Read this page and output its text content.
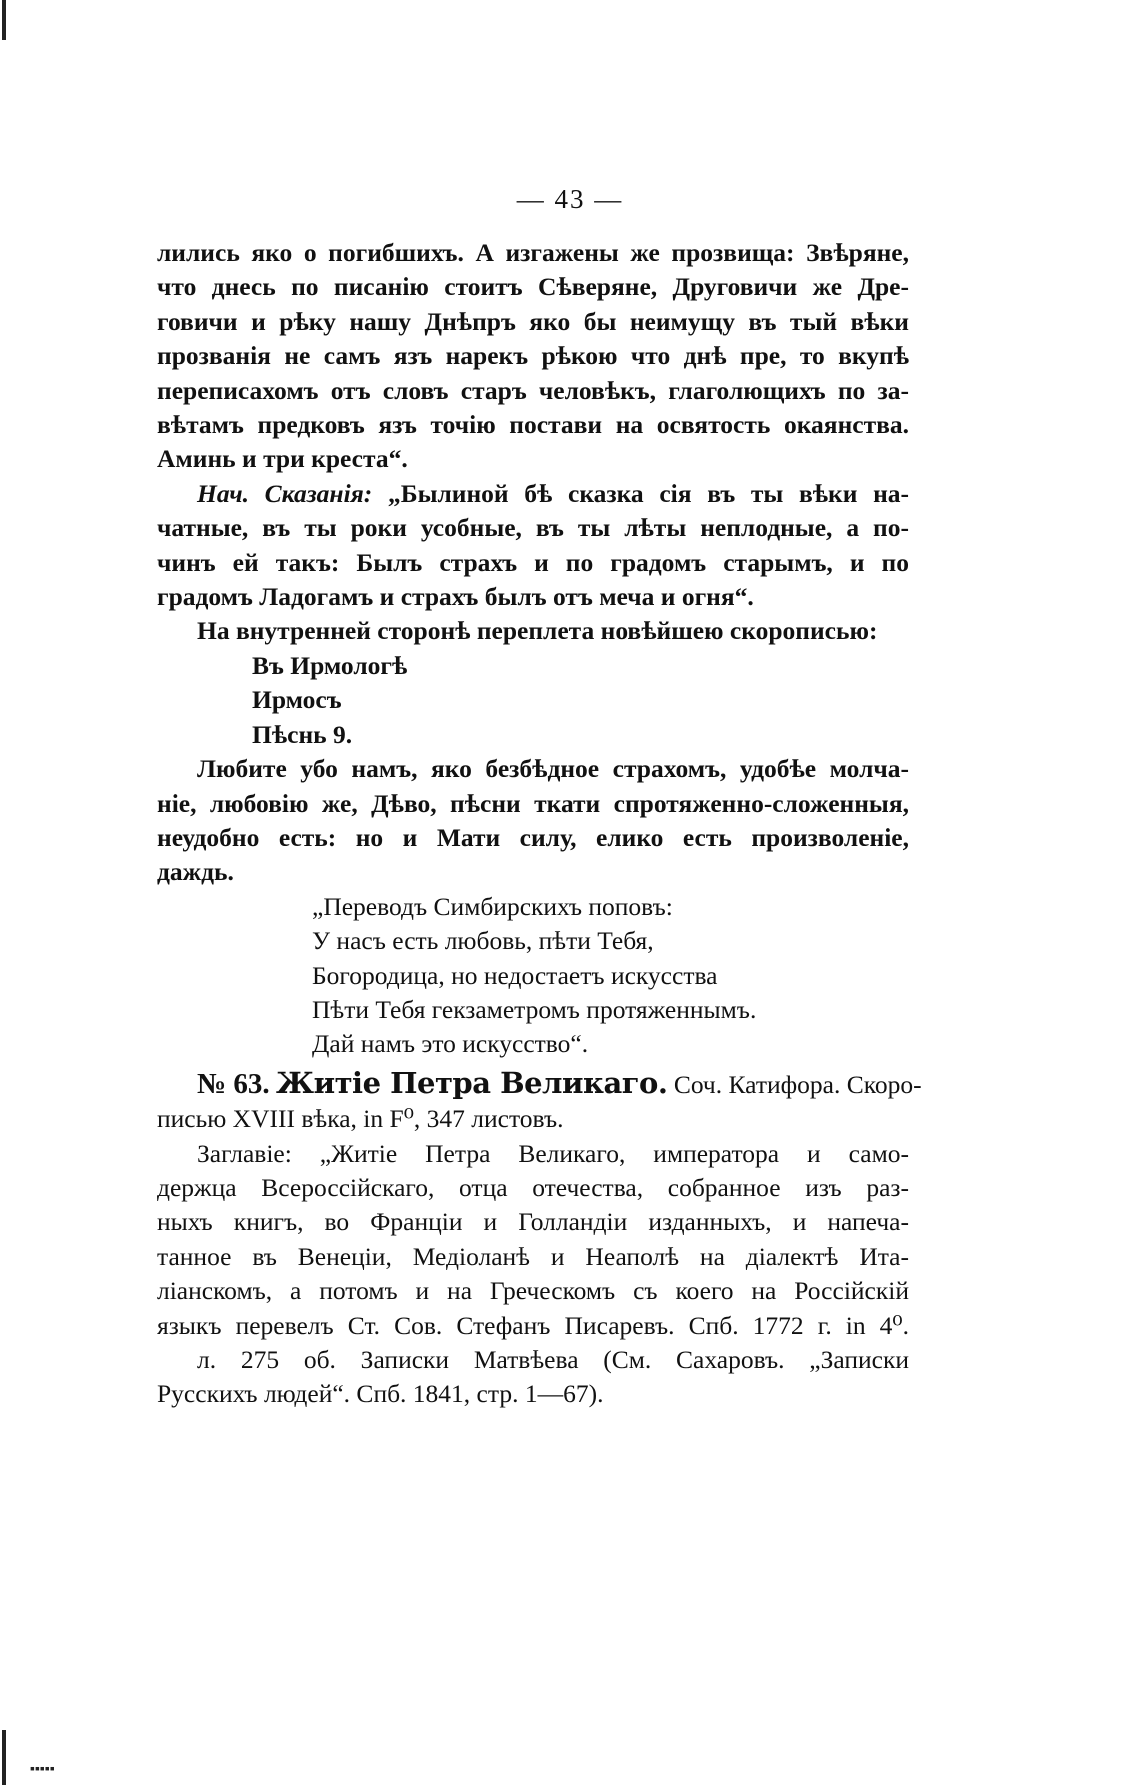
▪▪▪▪▪
— 43 —
лились яко о погибшихъ. А изгажены же прозвища: Звѣряне,
что днесь по писанію стоитъ Сѣверяне, Друговичи же Дре-
говичи и рѣку нашу Днѣпръ яко бы неимущу въ тый вѣки
прозванія не самъ язъ нарекъ рѣкою что днѣ пре, то вкупѣ
переписахомъ отъ словъ старъ человѣкъ, глаголющихъ по за-
вѣтамъ предковъ язъ точію постави на освятость окаянства.
Аминь и три креста“.
Нач. Сказанія: „Былиной бѣ сказка сія въ ты вѣки на-
чатные, въ ты роки усобные, въ ты лѣты неплодные, а по-
чинъ ей такъ: Былъ страхъ и по градомъ старымъ, и по
градомъ Ладогамъ и страхъ былъ отъ меча и огня“.
На внутренней сторонѣ переплета новѣйшею скорописью:
Въ Ирмологѣ
Ирмосъ
Пѣснь 9.
Любите убо намъ, яко безбѣдное страхомъ, удобѣе молча-
ніе, любовію же, Дѣво, пѣсни ткати спротяженно-сложенныя,
неудобно есть: но и Мати силу, елико есть произволеніе,
даждь.
„Переводъ Симбирскихъ поповъ:
У насъ есть любовь, пѣти Тебя,
Богородица, но недостаетъ искусства
Пѣти Тебя гекзаметромъ протяженнымъ.
Дай намъ это искусство“.
№ 63. Житіе Петра Великаго. Соч. Катифора. Скоро-
писью XVIII вѣка, in F⁰, 347 листовъ.
Заглавіе: „Житіе Петра Великаго, императора и само-
держца Всероссійскаго, отца отечества, собранное изъ раз-
ныхъ книгъ, во Франціи и Голландіи изданныхъ, и напеча-
танное въ Венеціи, Медіоланѣ и Неаполѣ на діалектѣ Ита-
ліанскомъ, а потомъ и на Греческомъ съ коего на Россійскій
языкъ перевелъ Ст. Сов. Стефанъ Писаревъ. Спб. 1772 г. in 4⁰.
л. 275 об. Записки Матвѣева (См. Сахаровъ. „Записки
Русскихъ людей“. Спб. 1841, стр. 1—67).
